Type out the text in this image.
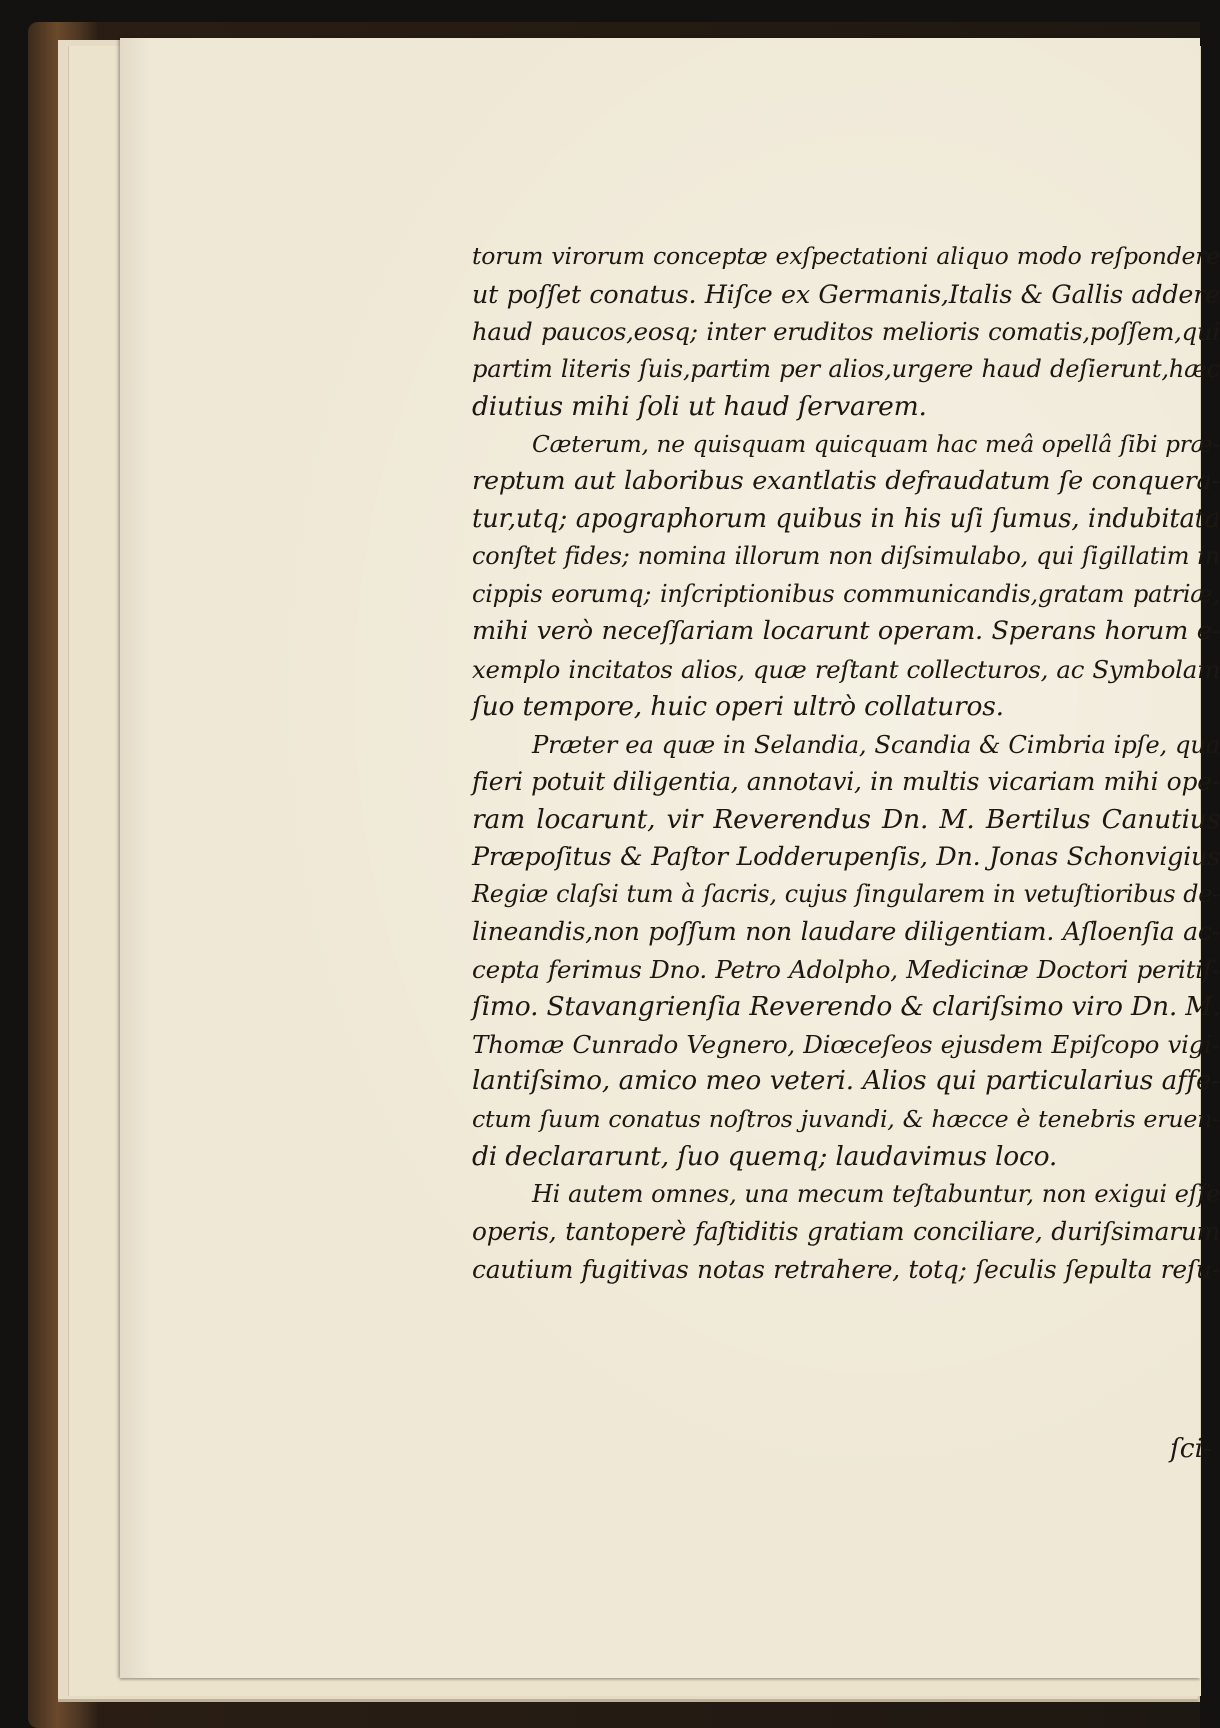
torum virorum conceptæ exſpectationi aliquo modo reſpondere
ut poſſet conatus. Hiſce ex Germanis,Italis & Gallis addere
haud paucos,eosq; inter eruditos melioris comatis,poſſem,qui
partim literis ſuis,partim per alios,urgere haud deſierunt,hæc
diutius mihi ſoli ut haud ſervarem.
Cæterum, ne quisquam quicquam hac meâ opellâ ſibi præ-
reptum aut laboribus exantlatis defraudatum ſe conquera-
tur,utq; apographorum quibus in his uſi ſumus, indubitata
conſtet fides; nomina illorum non diſsimulabo, qui ſigillatim in
cippis eorumq; inſcriptionibus communicandis,gratam patriæ,
mihi verò neceſſariam locarunt operam. Sperans horum e-
xemplo incitatos alios, quæ reſtant collecturos, ac Symbolam
ſuo tempore, huic operi ultrò collaturos.
Præter ea quæ in Selandia, Scandia & Cimbria ipſe, qua
fieri potuit diligentia, annotavi, in multis vicariam mihi ope-
ram locarunt, vir Reverendus Dn. M. Bertilus Canutius
Præpoſitus & Paſtor Lodderupenſis, Dn. Jonas Schonvigius
Regiæ claſsi tum à ſacris, cujus ſingularem in vetuſtioribus de-
lineandis,non poſſum non laudare diligentiam. Aſloenſia ac-
cepta ferimus Dno. Petro Adolpho, Medicinæ Doctori peritiſ-
ſimo. Stavangrienſia Reverendo & clariſsimo viro Dn. M.
Thomæ Cunrado Vegnero, Diœceſeos ejusdem Epiſcopo vigi-
lantiſsimo, amico meo veteri. Alios qui particularius affe-
ctum ſuum conatus noſtros juvandi, & hæcce è tenebris eruen-
di declararunt, ſuo quemq; laudavimus loco.
Hi autem omnes, una mecum teſtabuntur, non exigui eſſe
operis, tantoperè faſtiditis gratiam conciliare, duriſsimarum
cautium fugitivas notas retrahere, totq; ſeculis ſepulta reſu-
ſci-
